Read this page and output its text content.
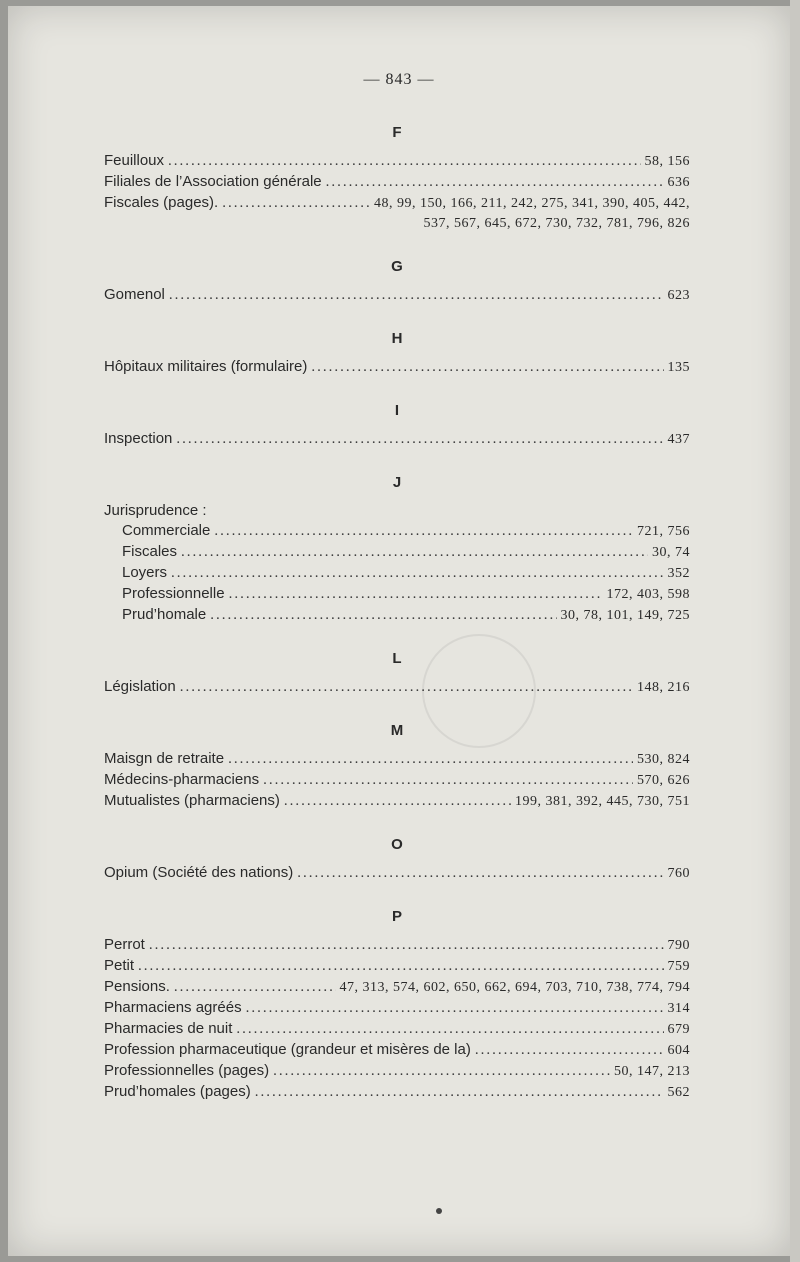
— 843 —
F
Feuilloux .....	58, 156
Filiales de l’Association générale .....	636
Fiscales (pages). .....	48, 99, 150, 166, 211, 242, 275, 341, 390, 405, 442,
537, 567, 645, 672, 730, 732, 781, 796, 826
G
Gomenol .....	623
H
Hôpitaux militaires (formulaire) .....	135
I
Inspection .....	437
J
Jurisprudence :
Commerciale .....	721, 756
Fiscales .....	30, 74
Loyers .....	352
Professionnelle .....	172, 403, 598
Prud’homale .....	30, 78, 101, 149, 725
L
Législation .....	148, 216
M
Maisɡn de retraite .....	530, 824
Médecins-pharmaciens .....	570, 626
Mutualistes (pharmaciens) .....	199, 381, 392, 445, 730, 751
O
Opium (Société des nations) .....	760
P
Perrot .....	790
Petit .....	759
Pensions. .....	47, 313, 574, 602, 650, 662, 694, 703, 710, 738, 774, 794
Pharmaciens agréés .....	314
Pharmacies de nuit .....	679
Profession pharmaceutique (grandeur et misères de la) .....	604
Professionnelles (pages) .....	50, 147, 213
Prud’homales (pages) .....	562
